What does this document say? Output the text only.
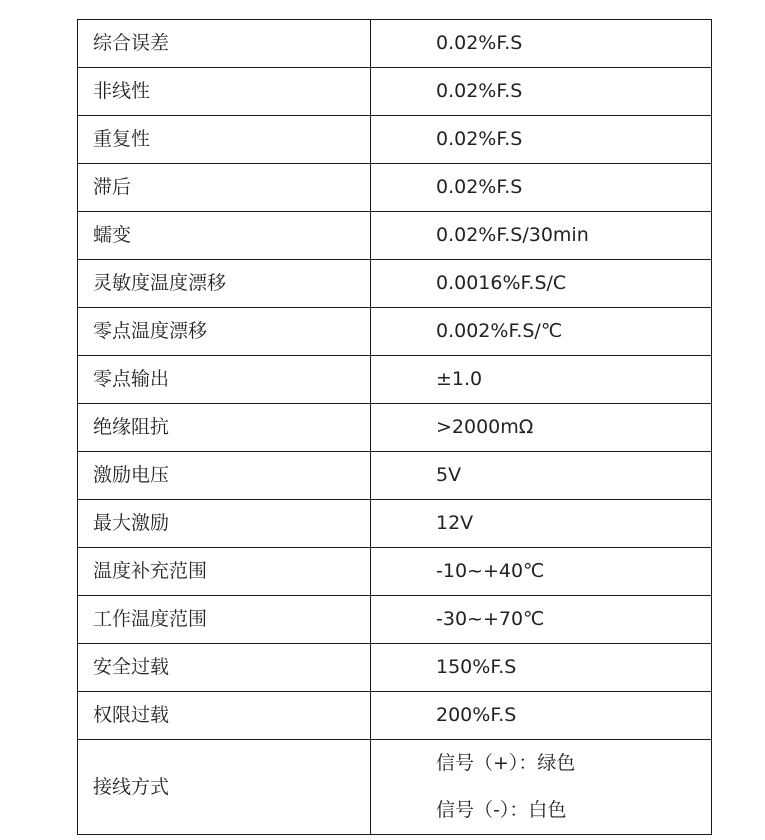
综合误差	0.02%F.S
非线性	0.02%F.S
重复性	0.02%F.S
滞后	0.02%F.S
蠕变	0.02%F.S/30min
灵敏度温度漂移	0.0016%F.S/C
零点温度漂移	0.002%F.S/℃
零点输出	±1.0
绝缘阻抗	>2000mΩ
激励电压	5V
最大激励	12V
温度补充范围	-10~+40℃
工作温度范围	-30~+70℃
安全过载	150%F.S
权限过载	200%F.S
接线方式	信号（+）：绿色
信号（-）：白色
